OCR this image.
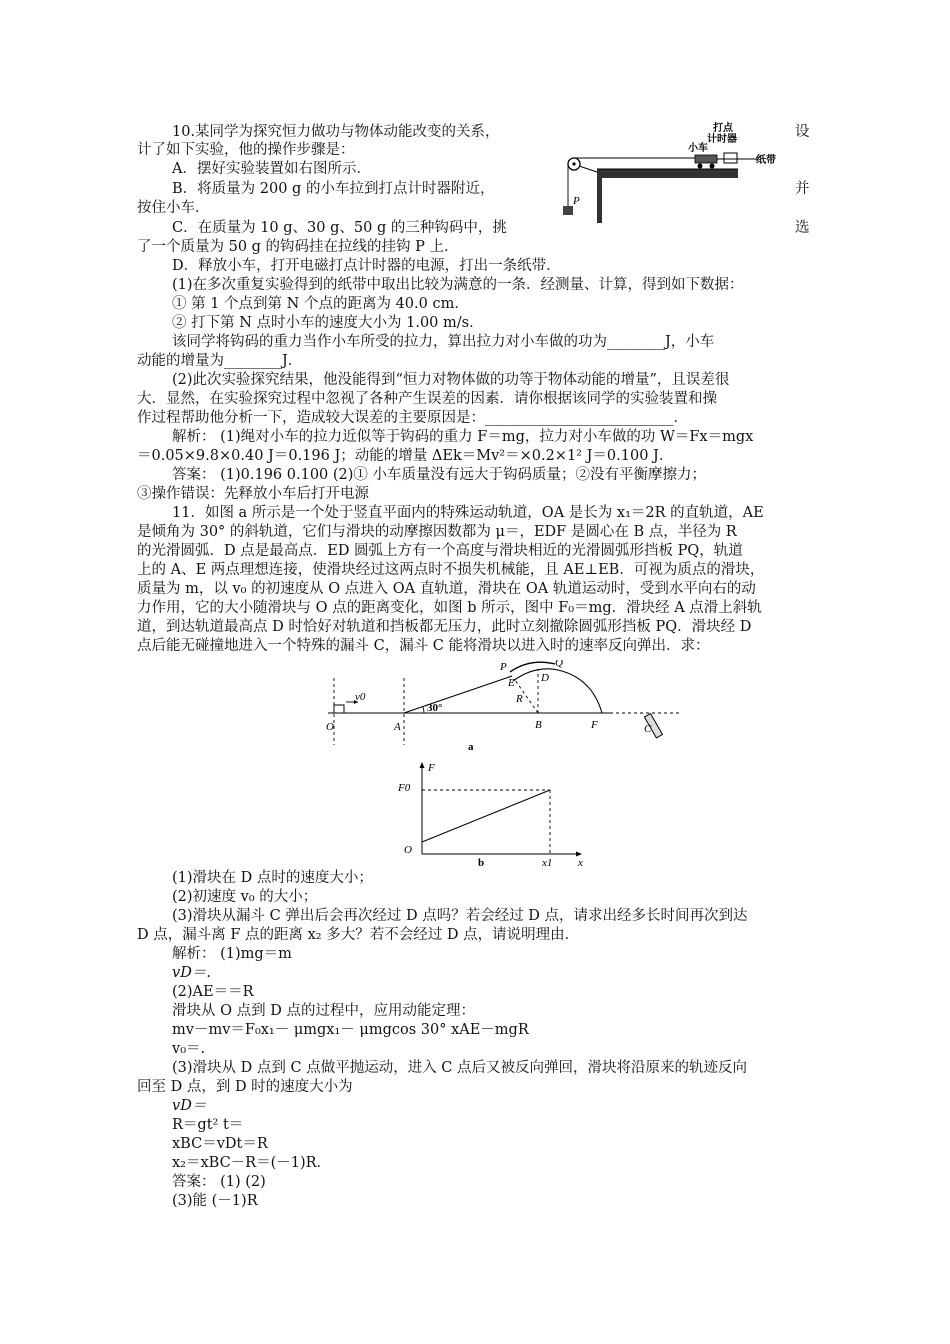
10.某同学为探究恒力做功与物体动能改变的关系，	设
计了如下实验，他的操作步骤是：
A．摆好实验装置如右图所示．
B．将质量为 200 g 的小车拉到打点计时器附近，	并
按住小车．
C．在质量为 10 g、30 g、50 g 的三种钩码中，挑	选
了一个质量为 50 g 的钩码挂在拉线的挂钩 P 上．
D．释放小车，打开电磁打点计时器的电源，打出一条纸带．
(1)在多次重复实验得到的纸带中取出比较为满意的一条．经测量、计算，得到如下数据：
① 第 1 个点到第 N 个点的距离为 40.0 cm．
② 打下第 N 点时小车的速度大小为 1.00 m/s．
该同学将钩码的重力当作小车所受的拉力，算出拉力对小车做的功为________J，小车
动能的增量为________J．
(2)此次实验探究结果，他没能得到“恒力对物体做的功等于物体动能的增量”，且误差很
大．显然，在实验探究过程中忽视了各种产生误差的因素．请你根据该同学的实验装置和操
作过程帮助他分析一下，造成较大误差的主要原因是：__________________________．
解析： (1)绳对小车的拉力近似等于钩码的重力 F＝mg，拉力对小车做的功 W＝Fx＝mgx
＝0.05×9.8×0.40 J＝0.196 J；动能的增量 ΔEk＝Mv²＝×0.2×1² J＝0.100 J．
答案： (1)0.196 0.100 (2)① 小车质量没有远大于钩码质量；②没有平衡摩擦力；
③操作错误：先释放小车后打开电源
打点
计时器
小车
纸带
P
11．如图 a 所示是一个处于竖直平面内的特殊运动轨道，OA 是长为 x₁＝2R 的直轨道，AE
是倾角为 30° 的斜轨道，它们与滑块的动摩擦因数都为 μ＝，EDF 是圆心在 B 点，半径为 R
的光滑圆弧．D 点是最高点．ED 圆弧上方有一个高度与滑块相近的光滑圆弧形挡板 PQ，轨道
上的 A、E 两点理想连接，使滑块经过这两点时不损失机械能，且 AE⊥EB．可视为质点的滑块，
质量为 m，以 v₀ 的初速度从 O 点进入 OA 直轨道，滑块在 OA 轨道运动时，受到水平向右的动
力作用，它的大小随滑块与 O 点的距离变化，如图 b 所示，图中 F₀＝mg．滑块经 A 点滑上斜轨
道，到达轨道最高点 D 时恰好对轨道和挡板都无压力，此时立刻撤除圆弧形挡板 PQ．滑块经 D
点后能无碰撞地进入一个特殊的漏斗 C，漏斗 C 能将滑块以进入时的速率反向弹出．求：
v0
O	A
30°
P	Q
E D
R
B	F	C
a
F
F0
O
x1 x
b
(1)滑块在 D 点时的速度大小；
(2)初速度 v₀ 的大小；
(3)滑块从漏斗 C 弹出后会再次经过 D 点吗？若会经过 D 点，请求出经多长时间再次到达
D 点，漏斗离 F 点的距离 x₂ 多大？若不会经过 D 点，请说明理由．
解析： (1)mg＝m
vD＝.
(2)AE＝＝R
滑块从 O 点到 D 点的过程中，应用动能定理：
mv－mv＝F₀x₁－ μmgx₁－ μmgcos 30° xAE－mgR
v₀＝.
(3)滑块从 D 点到 C 点做平抛运动，进入 C 点后又被反向弹回，滑块将沿原来的轨迹反向
回至 D 点，到 D 时的速度大小为
vD＝
R＝gt² t＝
xBC＝vDt＝R
x₂＝xBC－R＝(－1)R．
答案： (1) (2)
(3)能 (－1)R
